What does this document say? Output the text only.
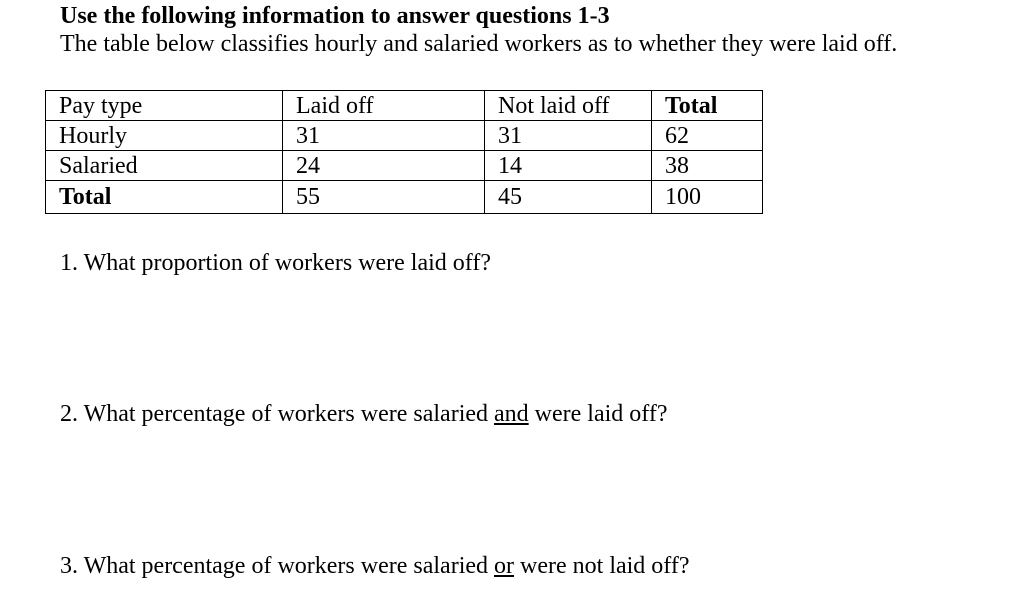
Use the following information to answer questions 1-3
The table below classifies hourly and salaried workers as to whether they were laid off.
Pay type	Laid off	Not laid off	Total
Hourly	31	31	62
Salaried	24	14	38
Total	55	45	100
1. What proportion of workers were laid off?
2. What percentage of workers were salaried and were laid off?
3. What percentage of workers were salaried or were not laid off?
